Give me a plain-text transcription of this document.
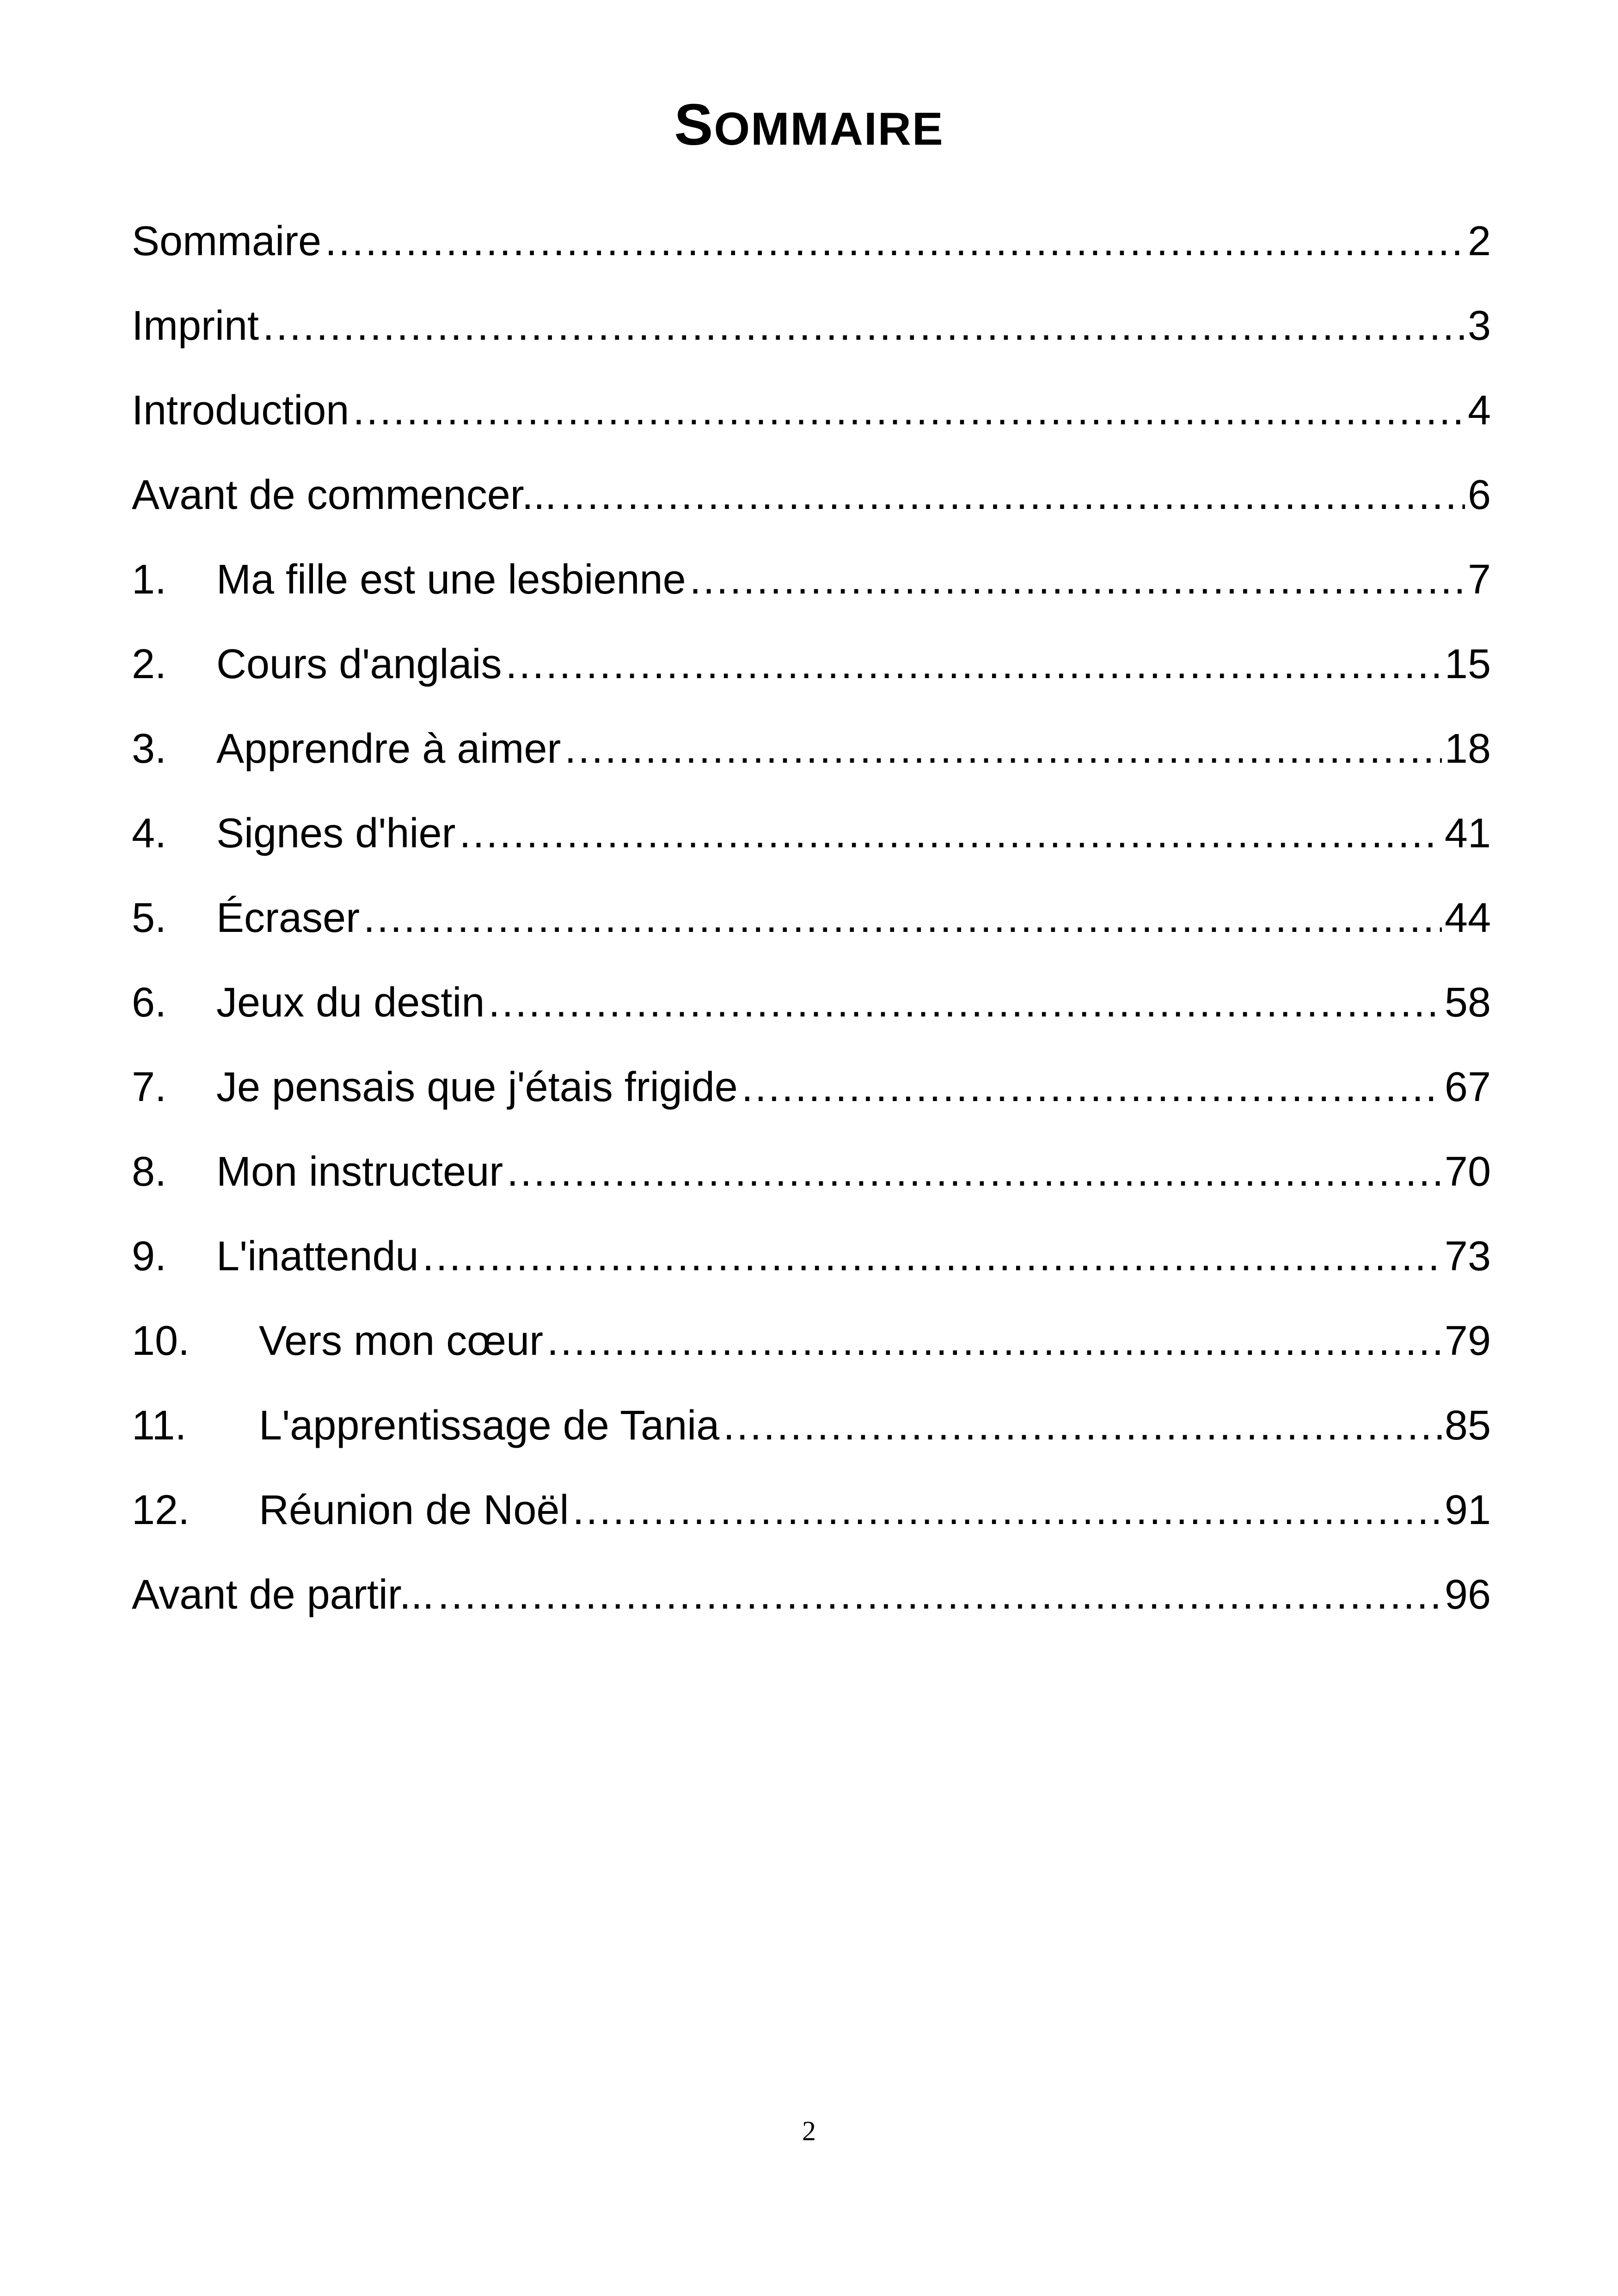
SOMMAIRE
Sommaire .....	2
Imprint .....	3
Introduction .....	4
Avant de commencer... .....	6
1.	Ma fille est une lesbienne .....	7
2.	Cours d'anglais .....	15
3.	Apprendre à aimer .....	18
4.	Signes d'hier .....	41
5.	Écraser .....	44
6.	Jeux du destin .....	58
7.	Je pensais que j'étais frigide .....	67
8.	Mon instructeur .....	70
9.	L'inattendu .....	73
10.	Vers mon cœur .....	79
11.	L'apprentissage de Tania .....	85
12.	Réunion de Noël .....	91
Avant de partir... .....	96
2
